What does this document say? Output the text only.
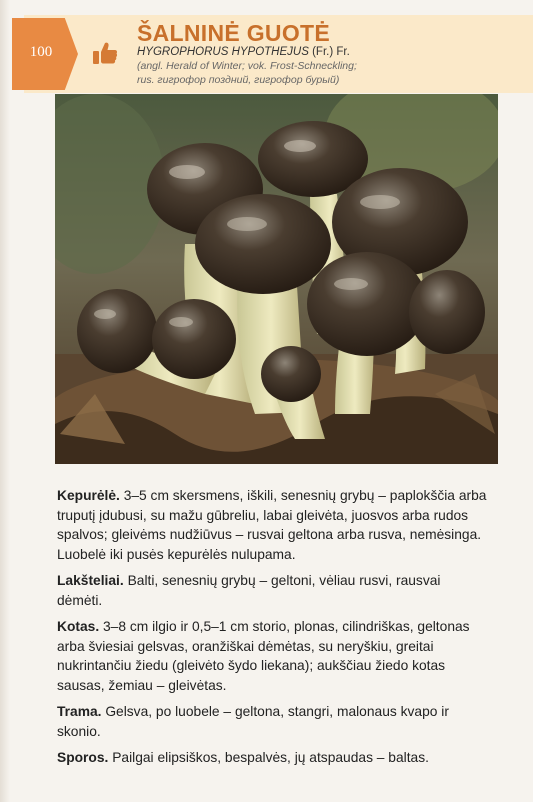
100
ŠALNINĖ GUOTĖ
HYGROPHORUS HYPOTHEJUS (Fr.) Fr.
(angl. Herald of Winter; vok. Frost-Schneckling; rus. гигрофор поздний, гигрофор бурый)

Kepurėlė. 3–5 cm skersmens, iškili, senesnių grybų – paplokščia arba truputį įdubusi, su mažu gūbreliu, labai gleivėta, juosvos arba rudos spalvos; gleivėms nudžiūvus – rusvai geltona arba rusva, nemėsinga. Luobelė iki pusės kepurėlės nulupama.

Lakšteliai. Balti, senesnių grybų – geltoni, vėliau rusvi, rausvai dėmėti.

Kotas. 3–8 cm ilgio ir 0,5–1 cm storio, plonas, cilindriškas, geltonas arba šviesiai gelsvas, oranžiškai dėmėtas, su neryškiu, greitai nukrintančiu žiedu (gleivėto šydo liekana); aukščiau žiedo kotas sausas, žemiau – gleivėtas.

Trama. Gelsva, po luobele – geltona, stangri, malonaus kvapo ir skonio.

Sporos. Pailgai elipsiškos, bespalvės, jų atspaudas – baltas.
